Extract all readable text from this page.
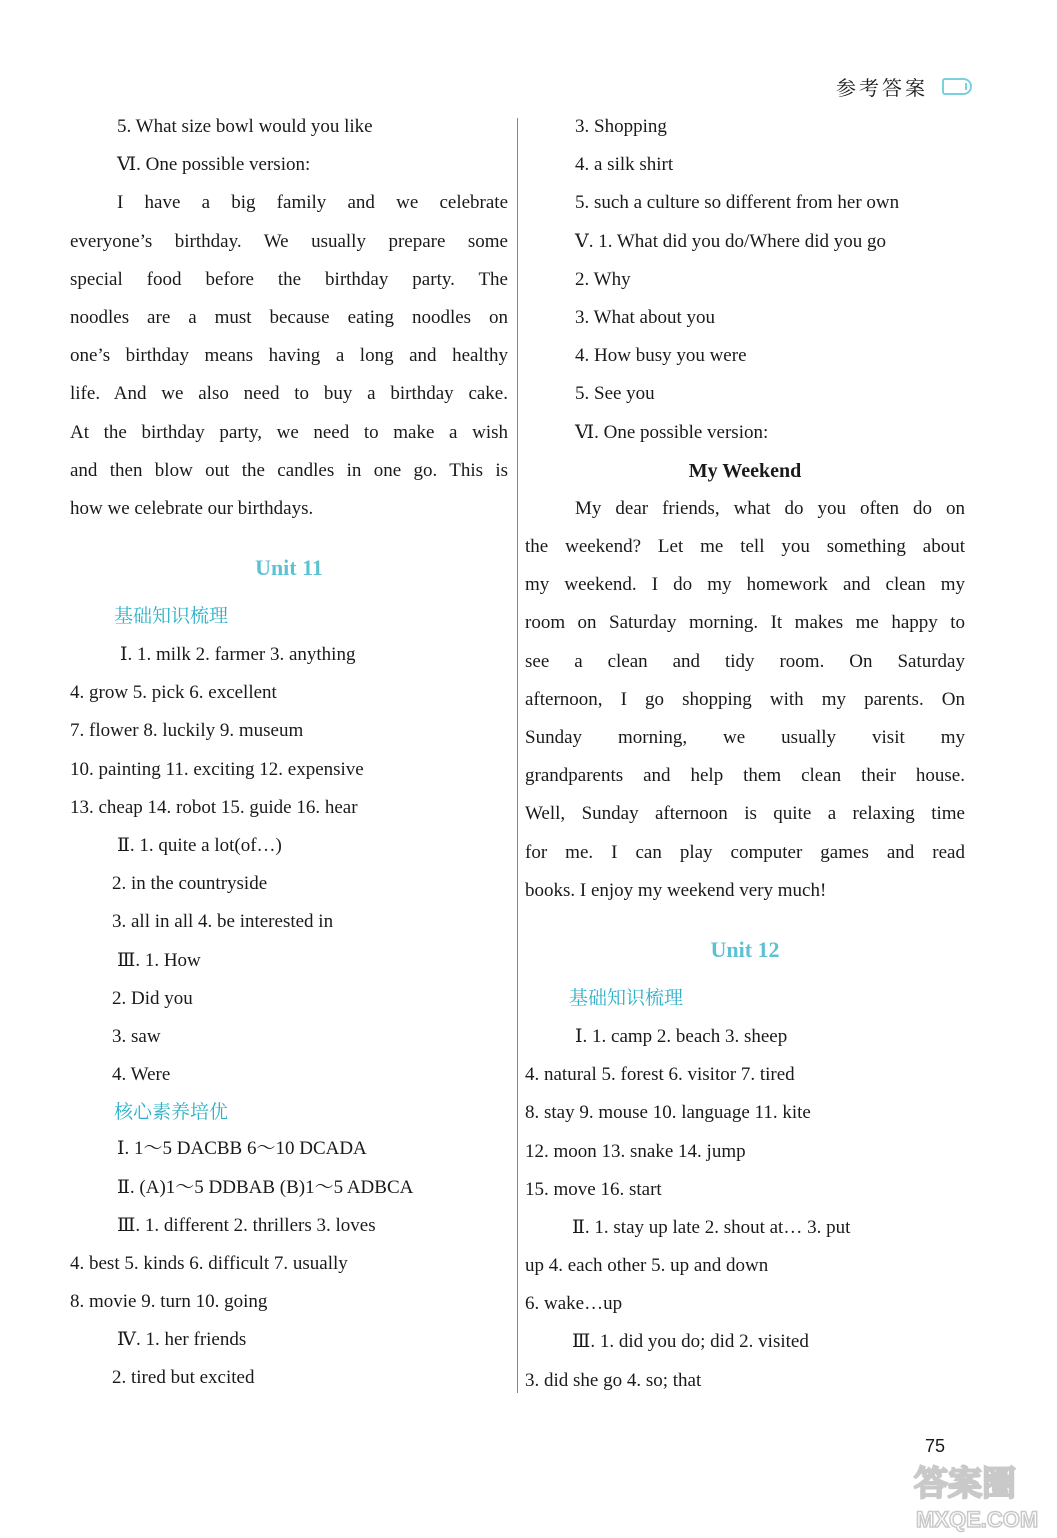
参考答案
5. What size bowl would you like
Ⅵ. One possible version:
I have a big family and we celebrate
everyone’s birthday. We usually prepare some
special food before the birthday party. The
noodles are a must because eating noodles on
one’s birthday means having a long and healthy
life. And we also need to buy a birthday cake.
At the birthday party, we need to make a wish
and then blow out the candles in one go. This is
how we celebrate our birthdays.
Unit 11
基础知识梳理
Ⅰ. 1. milk 2. farmer 3. anything
4. grow 5. pick 6. excellent
7. flower 8. luckily 9. museum
10. painting 11. exciting 12. expensive
13. cheap 14. robot 15. guide 16. hear
Ⅱ. 1. quite a lot(of…)
2. in the countryside
3. all in all 4. be interested in
Ⅲ. 1. How
2. Did you
3. saw
4. Were
核心素养培优
Ⅰ. 1～5 DACBB 6～10 DCADA
Ⅱ. (A)1～5 DDBAB (B)1～5 ADBCA
Ⅲ. 1. different 2. thrillers 3. loves
4. best 5. kinds 6. difficult 7. usually
8. movie 9. turn 10. going
Ⅳ. 1. her friends
2. tired but excited
3. Shopping
4. a silk shirt
5. such a culture so different from her own
Ⅴ. 1. What did you do/Where did you go
2. Why
3. What about you
4. How busy you were
5. See you
Ⅵ. One possible version:
My Weekend
My dear friends, what do you often do on
the weekend? Let me tell you something about
my weekend. I do my homework and clean my
room on Saturday morning. It makes me happy to
see a clean and tidy room. On Saturday
afternoon, I go shopping with my parents. On
Sunday morning, we usually visit my
grandparents and help them clean their house.
Well, Sunday afternoon is quite a relaxing time
for me. I can play computer games and read
books. I enjoy my weekend very much!
Unit 12
基础知识梳理
Ⅰ. 1. camp 2. beach 3. sheep
4. natural 5. forest 6. visitor 7. tired
8. stay 9. mouse 10. language 11. kite
12. moon 13. snake 14. jump
15. move 16. start
Ⅱ. 1. stay up late 2. shout at… 3. put
up 4. each other 5. up and down
6. wake…up
Ⅲ. 1. did you do; did 2. visited
3. did she go 4. so; that
75
答案圈
MXQE.COM
